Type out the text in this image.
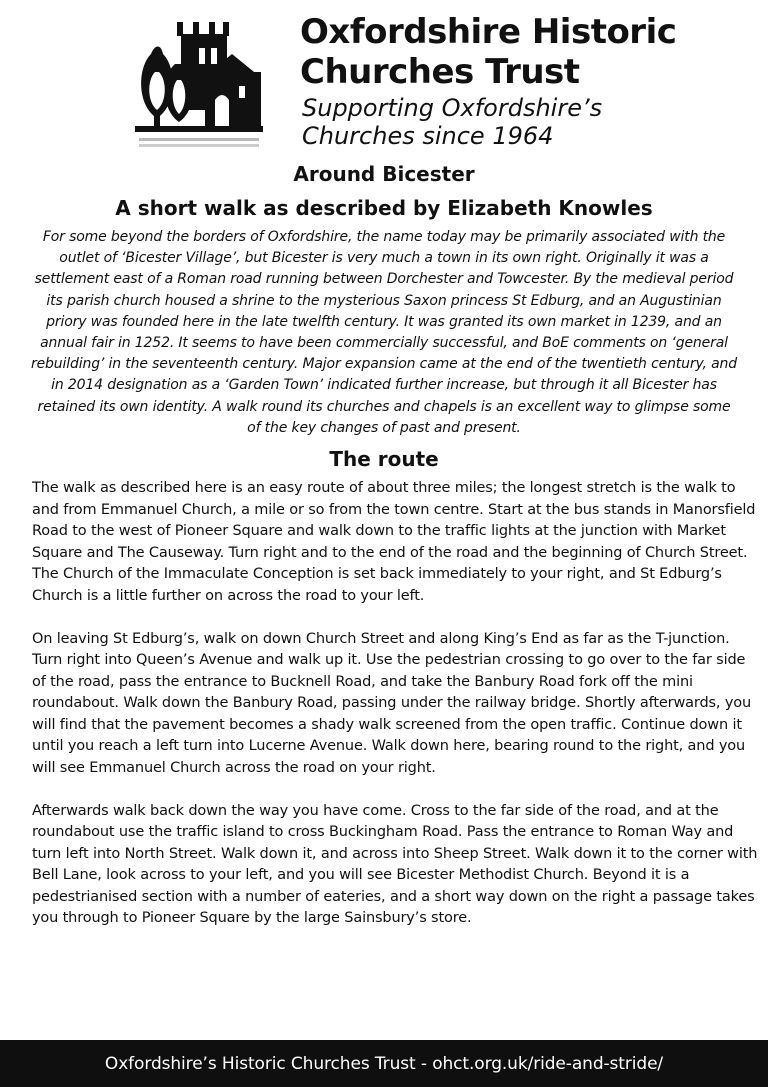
Oxfordshire Historic
Churches Trust
Supporting Oxfordshire’s
Churches since 1964
Around Bicester
A short walk as described by Elizabeth Knowles
For some beyond the borders of Oxfordshire, the name today may be primarily associated with the outlet of ‘Bicester Village’, but Bicester is very much a town in its own right. Originally it was a settlement east of a Roman road running between Dorchester and Towcester. By the medieval period its parish church housed a shrine to the mysterious Saxon princess St Edburg, and an Augustinian priory was founded here in the late twelfth century. It was granted its own market in 1239, and an annual fair in 1252. It seems to have been commercially successful, and BoE comments on ‘general rebuilding’ in the seventeenth century. Major expansion came at the end of the twentieth century, and in 2014 designation as a ‘Garden Town’ indicated further increase, but through it all Bicester has retained its own identity. A walk round its churches and chapels is an excellent way to glimpse some of the key changes of past and present.
The route

The walk as described here is an easy route of about three miles; the longest stretch is the walk to and from Emmanuel Church, a mile or so from the town centre. Start at the bus stands in Manorsfield Road to the west of Pioneer Square and walk down to the traffic lights at the junction with Market Square and The Causeway. Turn right and to the end of the road and the beginning of Church Street. The Church of the Immaculate Conception is set back immediately to your right, and St Edburg’s Church is a little further on across the road to your left.

On leaving St Edburg’s, walk on down Church Street and along King’s End as far as the T-junction. Turn right into Queen’s Avenue and walk up it. Use the pedestrian crossing to go over to the far side of the road, pass the entrance to Bucknell Road, and take the Banbury Road fork off the mini roundabout. Walk down the Banbury Road, passing under the railway bridge. Shortly afterwards, you will find that the pavement becomes a shady walk screened from the open traffic. Continue down it until you reach a left turn into Lucerne Avenue. Walk down here, bearing round to the right, and you will see Emmanuel Church across the road on your right.

Afterwards walk back down the way you have come. Cross to the far side of the road, and at the roundabout use the traffic island to cross Buckingham Road. Pass the entrance to Roman Way and turn left into North Street. Walk down it, and across into Sheep Street. Walk down it to the corner with Bell Lane, look across to your left, and you will see Bicester Methodist Church. Beyond it is a pedestrianised section with a number of eateries, and a short way down on the right a passage takes you through to Pioneer Square by the large Sainsbury’s store.

Oxfordshire’s Historic Churches Trust - ohct.org.uk/ride-and-stride/
